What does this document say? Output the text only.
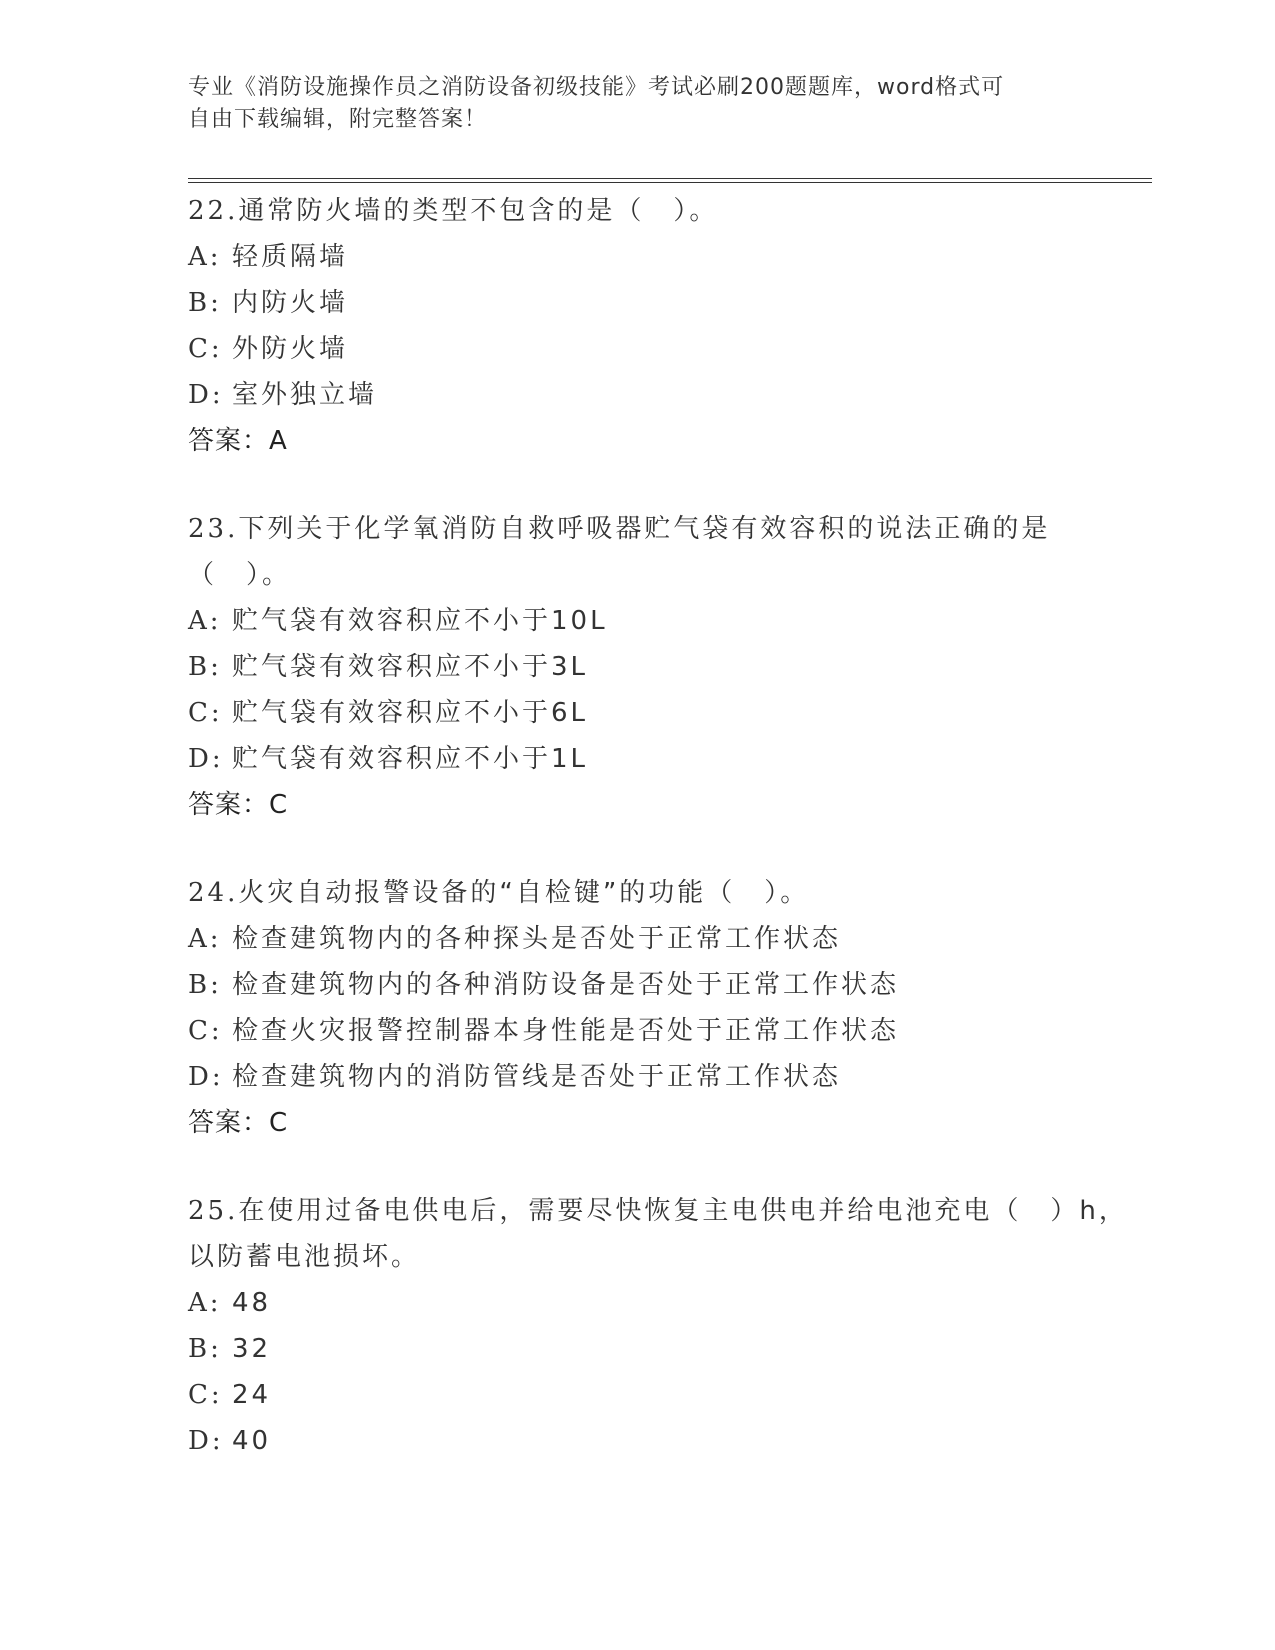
专业《消防设施操作员之消防设备初级技能》考试必刷200题题库，word格式可
自由下载编辑，附完整答案！

22.通常防火墙的类型不包含的是（　）。

A: 轻质隔墙
B: 内防火墙
C: 外防火墙
D: 室外独立墙
答案：A

23.下列关于化学氧消防自救呼吸器贮气袋有效容积的说法正确的是（　）。

A: 贮气袋有效容积应不小于10L
B: 贮气袋有效容积应不小于3L
C: 贮气袋有效容积应不小于6L
D: 贮气袋有效容积应不小于1L
答案：C

24.火灾自动报警设备的“自检键”的功能（　）。

A: 检查建筑物内的各种探头是否处于正常工作状态
B: 检查建筑物内的各种消防设备是否处于正常工作状态
C: 检查火灾报警控制器本身性能是否处于正常工作状态
D: 检查建筑物内的消防管线是否处于正常工作状态
答案：C

25.在使用过备电供电后，需要尽快恢复主电供电并给电池充电（　）h，以防蓄电池损坏。

A: 48
B: 32
C: 24
D: 40
